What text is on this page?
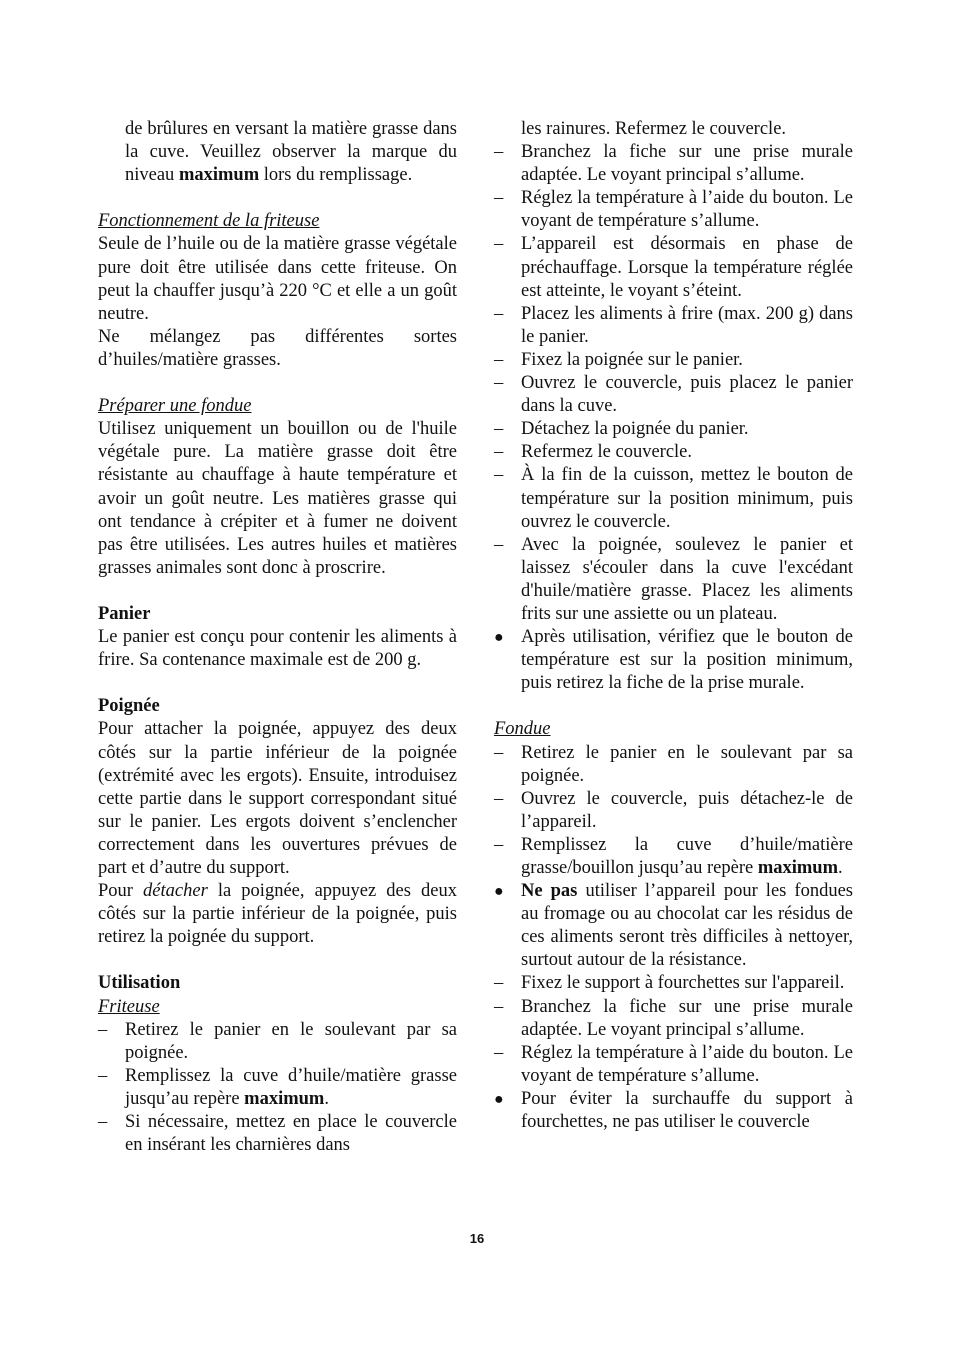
de brûlures en versant la matière grasse dans la cuve. Veuillez observer la marque du niveau maximum lors du remplissage.

Fonctionnement de la friteuse

Seule de l’huile ou de la matière grasse végétale pure doit être utilisée dans cette friteuse. On peut la chauffer jusqu’à 220 °C et elle a un goût neutre.

Ne mélangez pas différentes sortes d’huiles/matière grasses.

Préparer une fondue

Utilisez uniquement un bouillon ou de l'huile végétale pure. La matière grasse doit être résistante au chauffage à haute température et avoir un goût neutre. Les matières grasse qui ont tendance à crépiter et à fumer ne doivent pas être utilisées. Les autres huiles et matières grasses animales sont donc à proscrire.

Panier

Le panier est conçu pour contenir les aliments à frire. Sa contenance maximale est de 200 g.

Poignée

Pour attacher la poignée, appuyez des deux côtés sur la partie inférieur de la poignée (extrémité avec les ergots). Ensuite, introduisez cette partie dans le support correspondant situé sur le panier. Les ergots doivent s’enclencher correctement dans les ouvertures prévues de part et d’autre du support.

Pour détacher la poignée, appuyez des deux côtés sur la partie inférieur de la poignée, puis retirez la poignée du support.

Utilisation

Friteuse

– Retirez le panier en le soulevant par sa poignée.
– Remplissez la cuve d’huile/matière grasse jusqu’au repère maximum.
– Si nécessaire, mettez en place le couvercle en insérant les charnières dans

les rainures. Refermez le couvercle.

– Branchez la fiche sur une prise murale adaptée. Le voyant principal s’allume.
– Réglez la température à l’aide du bouton. Le voyant de température s’allume.
– L’appareil est désormais en phase de préchauffage. Lorsque la température réglée est atteinte, le voyant s’éteint.
– Placez les aliments à frire (max. 200 g) dans le panier.
– Fixez la poignée sur le panier.
– Ouvrez le couvercle, puis placez le panier dans la cuve.
– Détachez la poignée du panier.
– Refermez le couvercle.
– À la fin de la cuisson, mettez le bouton de température sur la position minimum, puis ouvrez le couvercle.
– Avec la poignée, soulevez le panier et laissez s'écouler dans la cuve l'excédant d'huile/matière grasse. Placez les aliments frits sur une assiette ou un plateau.
● Après utilisation, vérifiez que le bouton de température est sur la position minimum, puis retirez la fiche de la prise murale.

Fondue

– Retirez le panier en le soulevant par sa poignée.
– Ouvrez le couvercle, puis détachez-le de l’appareil.
– Remplissez la cuve d’huile/matière grasse/bouillon jusqu’au repère maximum.
● Ne pas utiliser l’appareil pour les fondues au fromage ou au chocolat car les résidus de ces aliments seront très difficiles à nettoyer, surtout autour de la résistance.
– Fixez le support à fourchettes sur l'appareil.
– Branchez la fiche sur une prise murale adaptée. Le voyant principal s’allume.
– Réglez la température à l’aide du bouton. Le voyant de température s’allume.
● Pour éviter la surchauffe du support à fourchettes, ne pas utiliser le couvercle
16
